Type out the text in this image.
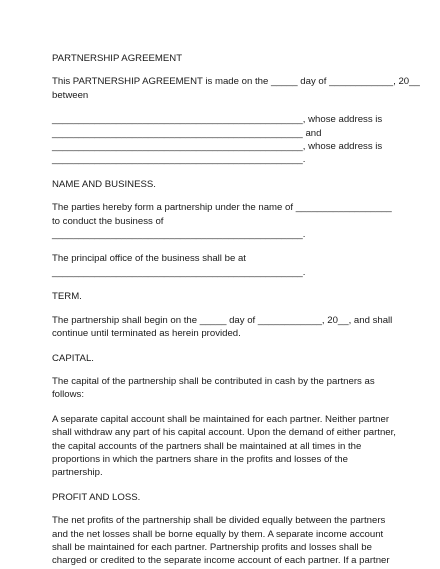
PARTNERSHIP AGREEMENT
This PARTNERSHIP AGREEMENT is made on the _____ day of ____________, 20__
between
_______________________________________________, whose address is
_______________________________________________ and
_______________________________________________, whose address is
_______________________________________________.
NAME AND BUSINESS.
The parties hereby form a partnership under the name of __________________
to conduct the business of
_______________________________________________.
The principal office of the business shall be at
_______________________________________________.
TERM.
The partnership shall begin on the _____ day of ____________, 20__, and shall
continue until terminated as herein provided.
CAPITAL.
The capital of the partnership shall be contributed in cash by the partners as
follows:
A separate capital account shall be maintained for each partner. Neither partner
shall withdraw any part of his capital account. Upon the demand of either partner,
the capital accounts of the partners shall be maintained at all times in the
proportions in which the partners share in the profits and losses of the
partnership.
PROFIT AND LOSS.
The net profits of the partnership shall be divided equally between the partners
and the net losses shall be borne equally by them. A separate income account
shall be maintained for each partner. Partnership profits and losses shall be
charged or credited to the separate income account of each partner. If a partner
